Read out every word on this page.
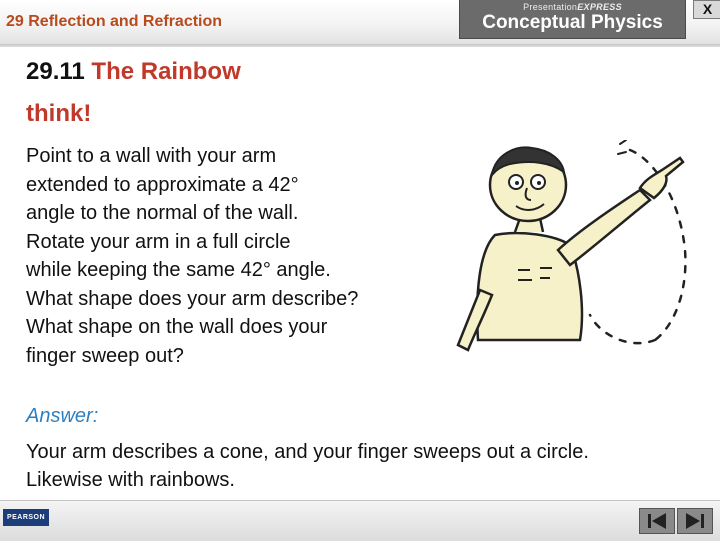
29 Reflection and Refraction
PresentationEXPRESS
Conceptual Physics
X
29.11 The Rainbow
think!
Point to a wall with your arm
extended to approximate a 42°
angle to the normal of the wall.
Rotate your arm in a full circle
while keeping the same 42° angle.
What shape does your arm describe?
What shape on the wall does your
finger sweep out?
Answer:
Your arm describes a cone, and your finger sweeps out a circle.
Likewise with rainbows.
PEARSON
